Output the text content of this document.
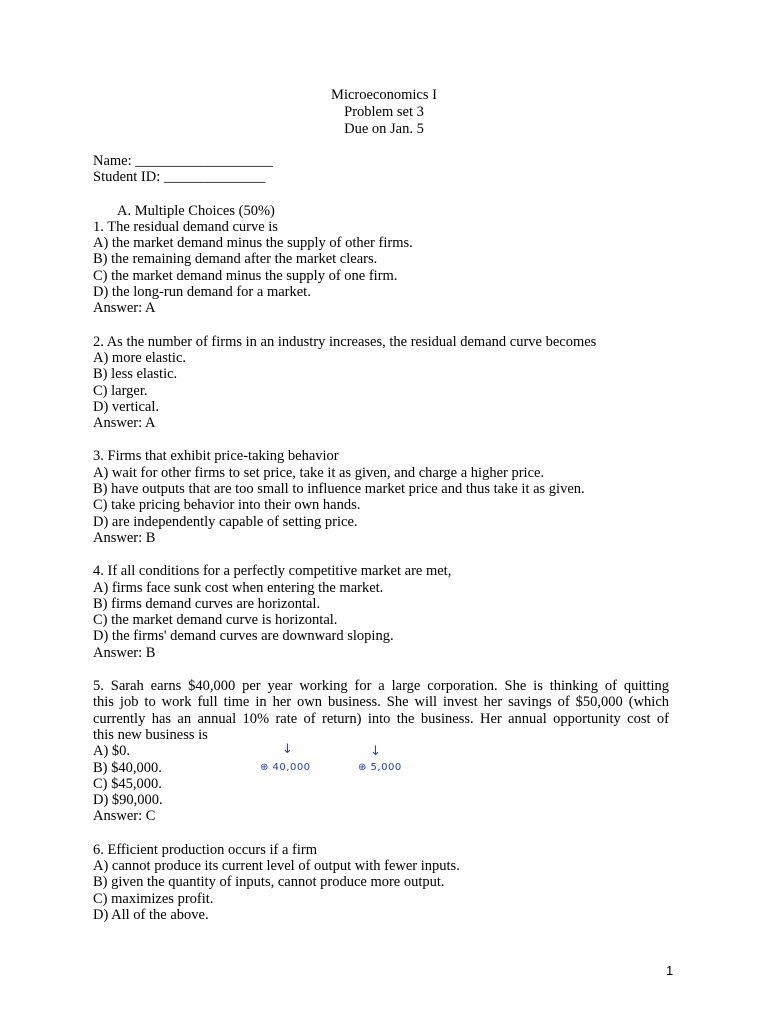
Microeconomics I
Problem set 3
Due on Jan. 5
Name: ___________________
Student ID: ______________
A. Multiple Choices (50%)
1. The residual demand curve is
A) the market demand minus the supply of other firms.
B) the remaining demand after the market clears.
C) the market demand minus the supply of one firm.
D) the long-run demand for a market.
Answer: A
2. As the number of firms in an industry increases, the residual demand curve becomes
A) more elastic.
B) less elastic.
C) larger.
D) vertical.
Answer: A
3. Firms that exhibit price-taking behavior
A) wait for other firms to set price, take it as given, and charge a higher price.
B) have outputs that are too small to influence market price and thus take it as given.
C) take pricing behavior into their own hands.
D) are independently capable of setting price.
Answer: B
4. If all conditions for a perfectly competitive market are met,
A) firms face sunk cost when entering the market.
B) firms demand curves are horizontal.
C) the market demand curve is horizontal.
D) the firms' demand curves are downward sloping.
Answer: B
5. Sarah earns $40,000 per year working for a large corporation. She is thinking of quitting
this job to work full time in her own business. She will invest her savings of $50,000 (which
currently has an annual 10% rate of return) into the business. Her annual opportunity cost of
this new business is
A) $0.
B) $40,000.
C) $45,000.
D) $90,000.
Answer: C
6. Efficient production occurs if a firm
A) cannot produce its current level of output with fewer inputs.
B) given the quantity of inputs, cannot produce more output.
C) maximizes profit.
D) All of the above.
↓
⊕ 40,000
↓
⊕ 5,000
1
